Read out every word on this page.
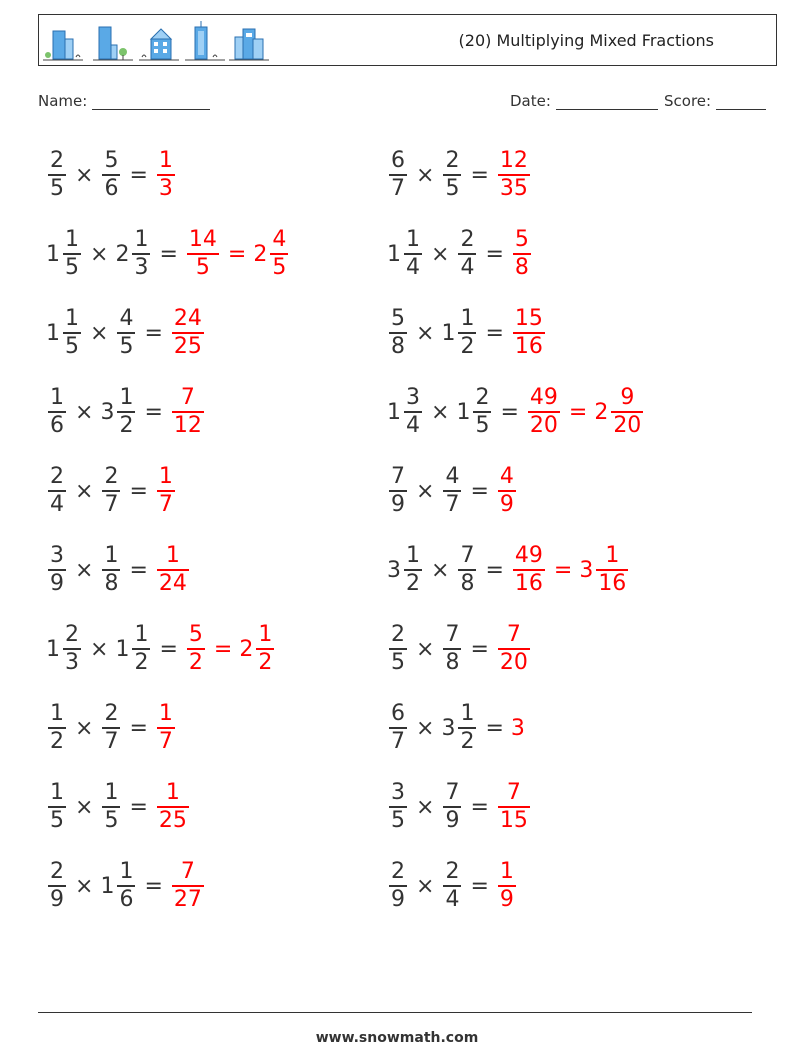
(20) Multiplying Mixed Fractions
Name:	Date:	Score:
$\frac{2}{5} \times \frac{5}{6} = \frac{1}{3}$	$\frac{6}{7} \times \frac{2}{5} = \frac{12}{35}$
$1 \frac{1}{5} \times 2 \frac{1}{3} = \frac{14}{5} = 2 \frac{4}{5}$	$1 \frac{1}{4} \times \frac{2}{4} = \frac{5}{8}$
$1 \frac{1}{5} \times \frac{4}{5} = \frac{24}{25}$	$\frac{5}{8} \times 1 \frac{1}{2} = \frac{15}{16}$
$\frac{1}{6} \times 3 \frac{1}{2} = \frac{7}{12}$	$1 \frac{3}{4} \times 1 \frac{2}{5} = \frac{49}{20} = 2 \frac{9}{20}$
$\frac{2}{4} \times \frac{2}{7} = \frac{1}{7}$	$\frac{7}{9} \times \frac{4}{7} = \frac{4}{9}$
$\frac{3}{9} \times \frac{1}{8} = \frac{1}{24}$	$3 \frac{1}{2} \times \frac{7}{8} = \frac{49}{16} = 3 \frac{1}{16}$
$1 \frac{2}{3} \times 1 \frac{1}{2} = \frac{5}{2} = 2 \frac{1}{2}$	$\frac{2}{5} \times \frac{7}{8} = \frac{7}{20}$
$\frac{1}{2} \times \frac{2}{7} = \frac{1}{7}$	$\frac{6}{7} \times 3 \frac{1}{2} = 3$
$\frac{1}{5} \times \frac{1}{5} = \frac{1}{25}$	$\frac{3}{5} \times \frac{7}{9} = \frac{7}{15}$
$\frac{2}{9} \times 1 \frac{1}{6} = \frac{7}{27}$	$\frac{2}{9} \times \frac{2}{4} = \frac{1}{9}$
www.snowmath.com
